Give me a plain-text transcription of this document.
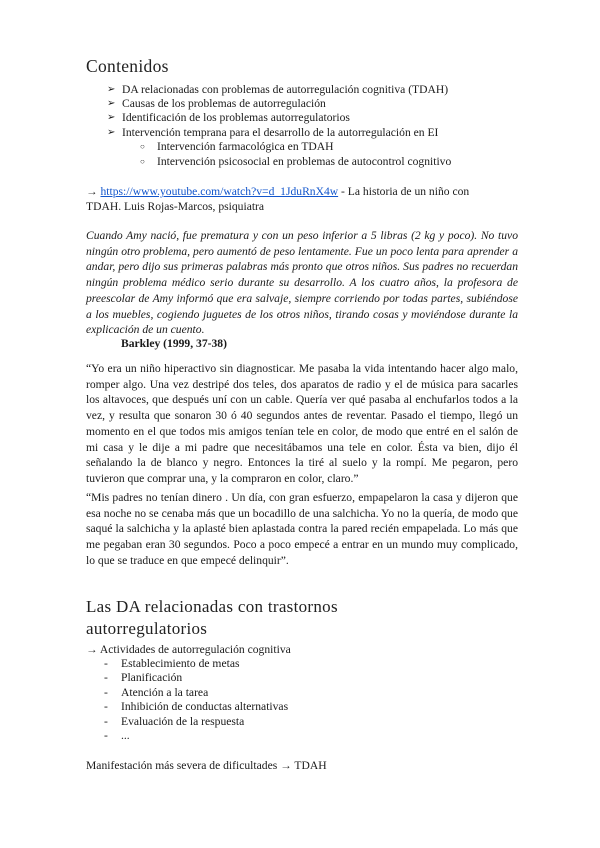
Contenidos
➢ DA relacionadas con problemas de autorregulación cognitiva (TDAH)
➢ Causas de los problemas de autorregulación
➢ Identificación de los problemas autorregulatorios
➢ Intervención temprana para el desarrollo de la autorregulación en EI
○ Intervención farmacológica en TDAH
○ Intervención psicosocial en problemas de autocontrol cognitivo
→ https://www.youtube.com/watch?v=d_1JduRnX4w - La historia de un niño con
TDAH. Luis Rojas-Marcos, psiquiatra
Cuando Amy nació, fue prematura y con un peso inferior a 5 libras (2 kg y poco). No tuvo ningún otro problema, pero aumentó de peso lentamente. Fue un poco lenta para aprender a andar, pero dijo sus primeras palabras más pronto que otros niños. Sus padres no recuerdan ningún problema médico serio durante su desarrollo. A los cuatro años, la profesora de preescolar de Amy informó que era salvaje, siempre corriendo por todas partes, subiéndose a los muebles, cogiendo juguetes de los otros niños, tirando cosas y moviéndose durante la explicación de un cuento.
Barkley (1999, 37-38)
“Yo era un niño hiperactivo sin diagnosticar. Me pasaba la vida intentando hacer algo malo, romper algo. Una vez destripé dos teles, dos aparatos de radio y el de música para sacarles los altavoces, que después uní con un cable. Quería ver qué pasaba al enchufarlos todos a la vez, y resulta que sonaron 30 ó 40 segundos antes de reventar. Pasado el tiempo, llegó un momento en el que todos mis amigos tenían tele en color, de modo que entré en el salón de mi casa y le dije a mi padre que necesitábamos una tele en color. Ésta va bien, dijo él señalando la de blanco y negro. Entonces la tiré al suelo y la rompí. Me pegaron, pero tuvieron que comprar una, y la compraron en color, claro.”
“Mis padres no tenían dinero . Un día, con gran esfuerzo, empapelaron la casa y dijeron que esa noche no se cenaba más que un bocadillo de una salchicha. Yo no la quería, de modo que saqué la salchicha y la aplasté bien aplastada contra la pared recién empapelada. Lo más que me pegaban eran 30 segundos. Poco a poco empecé a entrar en un mundo muy complicado, lo que se traduce en que empecé delinquir”.
Las DA relacionadas con trastornos
autorregulatorios
→ Actividades de autorregulación cognitiva
- Establecimiento de metas
- Planificación
- Atención a la tarea
- Inhibición de conductas alternativas
- Evaluación de la respuesta
- ...
Manifestación más severa de dificultades → TDAH
